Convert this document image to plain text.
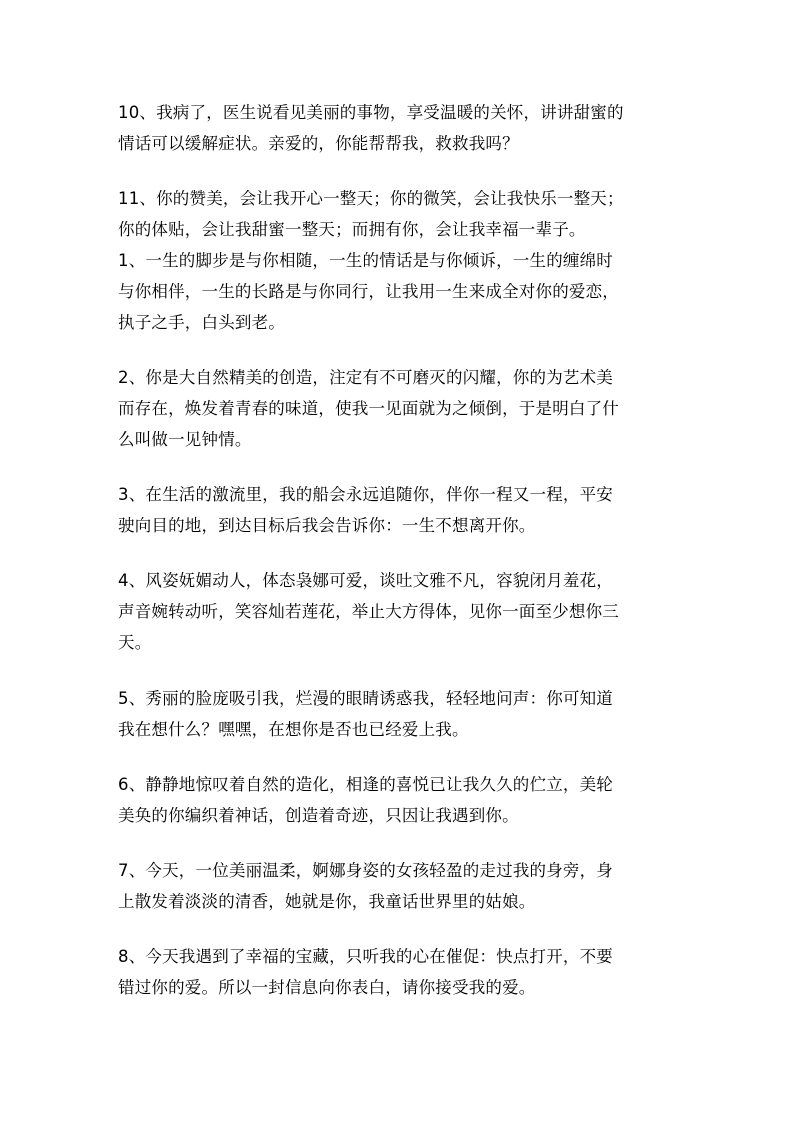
10、我病了，医生说看见美丽的事物，享受温暖的关怀，讲讲甜蜜的
情话可以缓解症状。亲爱的，你能帮帮我，救救我吗？
11、你的赞美，会让我开心一整天；你的微笑，会让我快乐一整天；
你的体贴，会让我甜蜜一整天；而拥有你，会让我幸福一辈子。
1、一生的脚步是与你相随，一生的情话是与你倾诉，一生的缠绵时
与你相伴，一生的长路是与你同行，让我用一生来成全对你的爱恋，
执子之手，白头到老。
2、你是大自然精美的创造，注定有不可磨灭的闪耀，你的为艺术美
而存在，焕发着青春的味道，使我一见面就为之倾倒，于是明白了什
么叫做一见钟情。
3、在生活的激流里，我的船会永远追随你，伴你一程又一程，平安
驶向目的地，到达目标后我会告诉你：一生不想离开你。
4、风姿妩媚动人，体态袅娜可爱，谈吐文雅不凡，容貌闭月羞花，
声音婉转动听，笑容灿若莲花，举止大方得体，见你一面至少想你三
天。
5、秀丽的脸庞吸引我，烂漫的眼睛诱惑我，轻轻地问声：你可知道
我在想什么？嘿嘿，在想你是否也已经爱上我。
6、静静地惊叹着自然的造化，相逢的喜悦已让我久久的伫立，美轮
美奂的你编织着神话，创造着奇迹，只因让我遇到你。
7、今天，一位美丽温柔，婀娜身姿的女孩轻盈的走过我的身旁，身
上散发着淡淡的清香，她就是你，我童话世界里的姑娘。
8、今天我遇到了幸福的宝藏，只听我的心在催促：快点打开，不要
错过你的爱。所以一封信息向你表白，请你接受我的爱。
